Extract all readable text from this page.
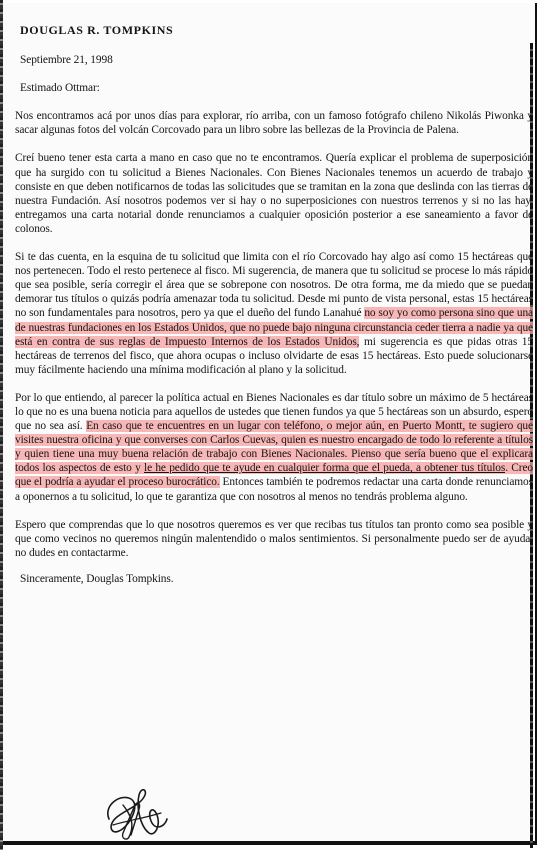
DOUGLAS R. TOMPKINS
Septiembre 21, 1998
Estimado Ottmar:

Nos encontramos acá por unos días para explorar, río arriba, con un famoso fotógrafo chileno Nikolás Piwonka y sacar algunas fotos del volcán Corcovado para un libro sobre las bellezas de la Provincia de Palena.

Creí bueno tener esta carta a mano en caso que no te encontramos. Quería explicar el problema de superposición que ha surgido con tu solicitud a Bienes Nacionales. Con Bienes Nacionales tenemos un acuerdo de trabajo y consiste en que deben notificarnos de todas las solicitudes que se tramitan en la zona que deslinda con las tierras de nuestra Fundación. Así nosotros podemos ver si hay o no superposiciones con nuestros terrenos y si no las hay, entregamos una carta notarial donde renunciamos a cualquier oposición posterior a ese saneamiento a favor de colonos.

Si te das cuenta, en la esquina de tu solicitud que limita con el río Corcovado hay algo así como 15 hectáreas que nos pertenecen. Todo el resto pertenece al fisco. Mi sugerencia, de manera que tu solicitud se procese lo más rápido que sea posible, sería corregir el área que se sobrepone con nosotros. De otra forma, me da miedo que se puedan demorar tus títulos o quizás podría amenazar toda tu solicitud. Desde mi punto de vista personal, estas 15 hectáreas no son fundamentales para nosotros, pero ya que el dueño del fundo Lanahué no soy yo como persona sino que una de nuestras fundaciones en los Estados Unidos, que no puede bajo ninguna circunstancia ceder tierra a nadie ya que está en contra de sus reglas de Impuesto Internos de los Estados Unidos, mi sugerencia es que pidas otras 15 hectáreas de terrenos del fisco, que ahora ocupas o incluso olvidarte de esas 15 hectáreas. Esto puede solucionarse muy fácilmente haciendo una mínima modificación al plano y la solicitud.

Por lo que entiendo, al parecer la política actual en Bienes Nacionales es dar título sobre un máximo de 5 hectáreas lo que no es una buena noticia para aquellos de ustedes que tienen fundos ya que 5 hectáreas son un absurdo, espero que no sea así. En caso que te encuentres en un lugar con teléfono, o mejor aún, en Puerto Montt, te sugiero que visites nuestra oficina y que converses con Carlos Cuevas, quien es nuestro encargado de todo lo referente a títulos y quien tiene una muy buena relación de trabajo con Bienes Nacionales. Pienso que sería bueno que el explicara todos los aspectos de esto y le he pedido que te ayude en cualquier forma que el pueda, a obtener tus títulos. Creo que el podría a ayudar el proceso burocrático. Entonces también te podremos redactar una carta donde renunciamos a oponernos a tu solicitud, lo que te garantiza que con nosotros al menos no tendrás problema alguno.

Espero que comprendas que lo que nosotros queremos es ver que recibas tus títulos tan pronto como sea posible y que como vecinos no queremos ningún malentendido o malos sentimientos. Si personalmente puedo ser de ayuda, no dudes en contactarme.

Sinceramente, Douglas Tompkins.
